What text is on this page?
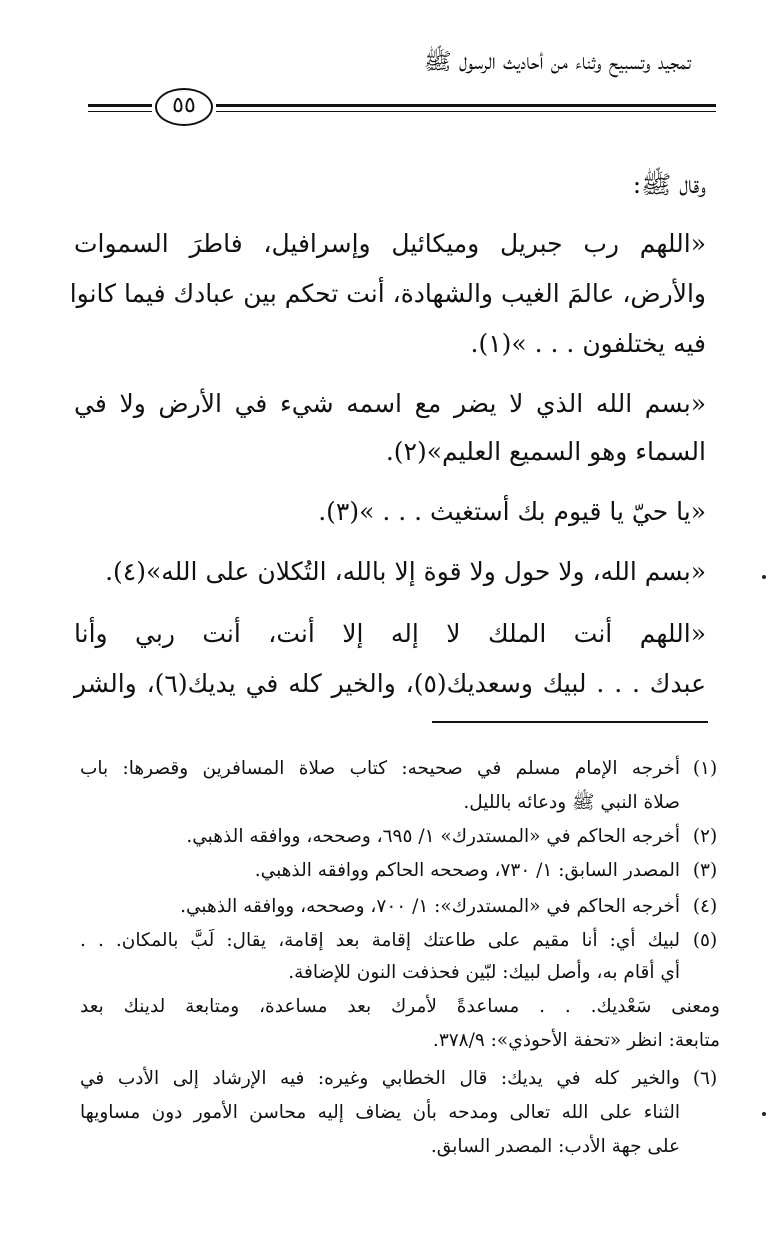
تمجيد وتسبيح وثناء من أحاديث الرسول ﷺ
٥٥
وقال ﷺ:
«اللهم رب جبريل وميكائيل وإسرافيل، فاطرَ السموات
والأرض، عالمَ الغيب والشهادة، أنت تحكم بين عبادك فيما كانوا
فيه يختلفون . . . »(١).
«بسم الله الذي لا يضر مع اسمه شيء في الأرض ولا في
السماء وهو السميع العليم»(٢).
«يا حيّ يا قيوم بك أستغيث . . . »(٣).
«بسم الله، ولا حول ولا قوة إلا بالله، التُكلان على الله»(٤).
«اللهم أنت الملك لا إله إلا أنت، أنت ربي وأنا
عبدك . . . لبيك وسعديك(٥)، والخير كله في يديك(٦)، والشر
(١)
أخرجه الإمام مسلم في صحيحه: كتاب صلاة المسافرين وقصرها: باب
صلاة النبي ﷺ ودعائه بالليل.
(٢)
أخرجه الحاكم في «المستدرك» ١/ ٦٩٥، وصححه، ووافقه الذهبي.
(٣)
المصدر السابق: ١/ ٧٣٠، وصححه الحاكم ووافقه الذهبي.
(٤)
أخرجه الحاكم في «المستدرك»: ١/ ٧٠٠، وصححه، ووافقه الذهبي.
(٥)
لبيك أي: أنا مقيم على طاعتك إقامة بعد إقامة، يقال: لَبَّ بالمكان. . .
أي أقام به، وأصل لبيك: لبّين فحذفت النون للإضافة.
ومعنى سَعْديك. . . مساعدةً لأمرك بعد مساعدة، ومتابعة لدينك بعد
متابعة: انظر «تحفة الأحوذي»: ٣٧٨/٩.
(٦)
والخير كله في يديك: قال الخطابي وغيره: فيه الإرشاد إلى الأدب في
الثناء على الله تعالى ومدحه بأن يضاف إليه محاسن الأمور دون مساويها
على جهة الأدب: المصدر السابق.
